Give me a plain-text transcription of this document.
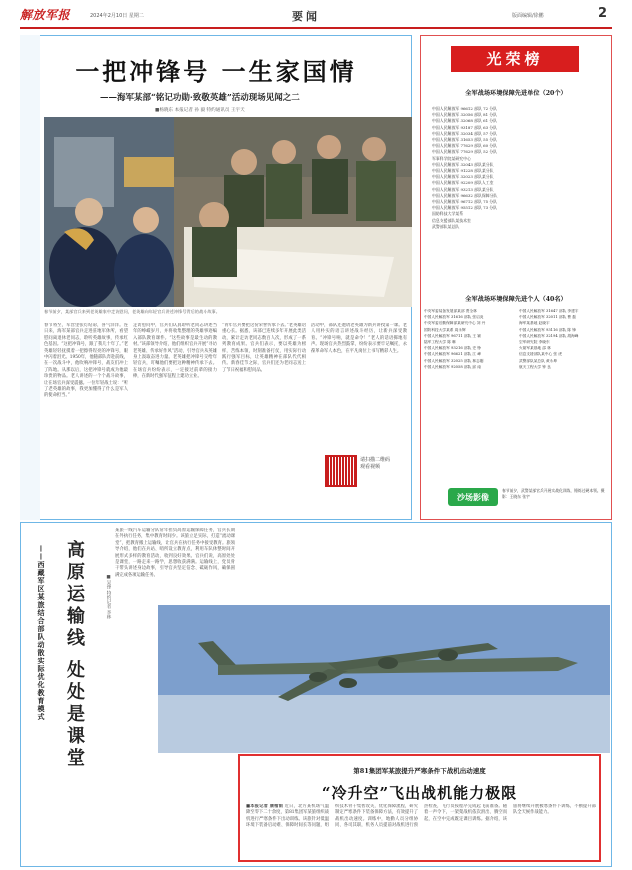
解放军报	2024年2月10日 星期二	要闻	版面编辑/徐鹏	2
一把冲锋号 一生家国情
——海军某部“铭记功勋·致敬英雄”活动现场见闻之二
■杨晓东 本报记者 孙 毅 特约通讯员 王宇天
春节前夕，某部官兵来到老英雄家中走访慰问，老英雄向年轻官兵讲述冲锋号背后的战斗故事。
春节将至，军营里张灯结彩，喜气洋洋。连日来，海军某部官兵走进驻地军休所，看望慰问离退休老同志，聆听英雄故事，传承红色基因。“这把冲锋号，跟了我几十年了。”老英雄轻轻抚摸着一把擦得锃亮的冲锋号，眼中闪着泪光。1950年，他随部队奔赴前线，在一次战斗中，他吹响冲锋号，战友们冲上了阵地。从那以后，这把冲锋号就成为他最珍贵的物品。老人讲述的一个个战斗故事，让在场官兵深受震撼。一位年轻战士说：“听了老英雄的故事，我更加懂得了什么是军人的使命担当。”
走访慰问中，官兵们认真聆听老同志讲述当年的峥嵘岁月，并将收集整理的英雄事迹编入部队教育课件。“这些故事是最生动的教材。”该部领导介绍，他们组织官兵开展“寻访老英雄、传承好作风”活动，引导官兵从英雄身上汲取奋进力量。老英雄把冲锋号交给年轻官兵，叮嘱他们要把这种精神传承下去。在场官兵纷纷表示，一定接过前辈的接力棒，在新时代强军征程上建功立业。
“青年官兵要把这份荣誉传承下去。”老英雄语重心长。据悉，该部已连续多年开展此类活动，累计走访老同志数百人次，形成了一系列教育成果。官兵们表示，要以英雄为榜样，苦练本领，时刻准备打仗，用实际行动践行强军目标，让英雄精神在部队代代相传。新春佳节之际，官兵们还为老同志送上了节日祝福和慰问品。
活动中，部队还邀请老英雄为新兵讲授第一课。老人用朴实的语言讲述战斗经历，让新兵深受教育。“冲锋号响，就是命令！”老人的话语掷地有声。现场官兵热烈鼓掌，纷纷表示要牢记嘱托，永葆革命军人本色，在平凡岗位上书写精彩人生。
请扫描二维码观看视频
光荣榜
全军战场环境保障先进单位（20个）
中国人民解放军 96612 部队 72 分队
中国人民解放军 32056 部队 81 分队
中国人民解放军 32068 部队 61 分队
中国人民解放军 93187 部队 63 分队
中国人民解放军 32034 部队 57 分队
中国人民解放军 31653 部队 55 分队
中国人民解放军 77629 部队 60 分队
中国人民解放军 77629 部队 52 分队
军事科学院某研究中心
中国人民解放军 32043 部队某分队
中国人民解放军 91228 部队某分队
中国人民解放军 32023 部队某分队
中国人民解放军 92209 部队人工室
中国人民解放军 93213 部队某分队
中国人民解放军 96632 部队保障分队
中国人民解放军 96712 部队 75 分队
中国人民解放军 95512 部队 73 分队
国防科技大学某系
信息支援部队某技术室
武警部队某总队
全军战场环境保障先进个人（40名）
中央军委装备发展部某部 贾全林
中国人民解放军 31616 部队 张启炎
中央军委后勤保障部某研究中心 刘 丹
国防科技大学某系 周永辉
中国人民解放军 96711 部队 王 颖
陆军工程大学 陈 琳
中国人民解放军 93216 部队 史 铮
中国人民解放军 96621 部队 江 峰
中国人民解放军 32025 部队 林志刚
中国人民解放军 92058 部队 邱 南
中国人民解放军 31647 部队 李建宇
中国人民解放军 32011 部队 曹 磊
海军某基地 赵晓宇
中国人民解放军 93116 部队 陈 锋
中国人民解放军 32194 部队 胡海峰
空军研究院 李晓东
火箭军某基地 邵 林
信息支援部队某中心 张 虎
武警部队某总队 黄永坤
航天工程大学 钟 良
沙场影像
春节前夕，武警某部官兵开展实战化训练，锤炼过硬本领。摄影：王晓东 张宇
——西藏军区某旅结合部队动散实际优化教育模式 高原运输线 处处是课堂	■吴锋 特约记者 李林
某旅一线汽车运输分队常年担负高原运输保障任务，官兵长期在外执行任务，集中教育时间少。该旅立足实际，打造“流动课堂”，把教育搬上运输线，让官兵在执行任务中接受教育。旅领导介绍，他们在兵站、哨所设立教育点，利用车队休整时间开展形式多样的教育活动，收到良好效果。官兵们说，高原处处是课堂，一路走来一路学，思想收获满满。运输线上，党员骨干带头讲述身边故事，引导官兵坚定信念、砥砺作风，确保圆满完成各项运输任务。
第81集团军某旅提升严寒条件下战机出动速度
“冷升空”飞出战机能力极限
■本报记者 康楷雨 近日，北方某机场气温降至零下二十余度，第81集团军某旅组织战机进行严寒条件下出动训练。该旅针对低温环境下装备启动难、保障时间长等问题，组织技术骨干集智攻关，优化保障流程，研究制定严寒条件下装备保障方法，有效提升了战机出动速度。训练中，地勤人员分组协同、各司其职，机务人员提前对战机进行预热检查，飞行员按程序完成起飞前准备。随着一声令下，一架架战机依次滑出、腾空而起，在空中完成既定课目训练。据介绍，该旅将继续开展极寒条件下训练，不断提升部队全天候作战能力。
